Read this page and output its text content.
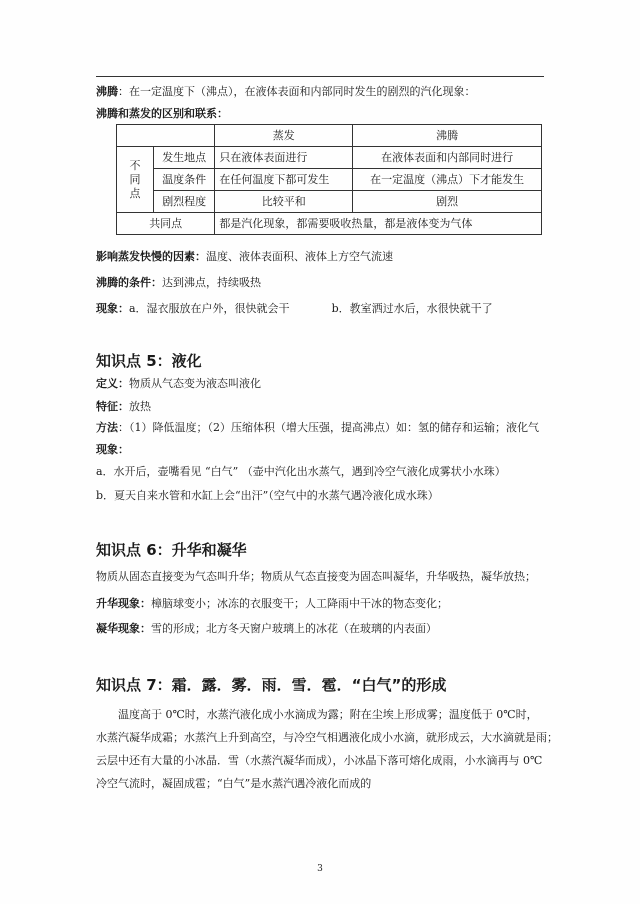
沸腾：在一定温度下（沸点），在液体表面和内部同时发生的剧烈的汽化现象：
沸腾和蒸发的区别和联系：
		蒸发	沸腾

不
同
点	发生地点	只在液体表面进行	在液体表面和内部同时进行
	温度条件	在任何温度下都可发生	在一定温度（沸点）下才能发生
	剧烈程度	比较平和	剧烈
共同点		都是汽化现象，都需要吸收热量，都是液体变为气体	
影响蒸发快慢的因素：温度、液体表面积、液体上方空气流速
沸腾的条件：达到沸点，持续吸热
现象：a．湿衣服放在户外，很快就会干	b．教室洒过水后，水很快就干了
知识点 5：液化
定义：物质从气态变为液态叫液化
特征：放热
方法：（1）降低温度；（2）压缩体积（增大压强，提高沸点）如：氢的储存和运输；液化气
现象：
a．水开后，壶嘴看见 “白气” （壶中汽化出水蒸气，遇到冷空气液化成雾状小水珠）
b．夏天自来水管和水缸上会“出汗”（空气中的水蒸气遇冷液化成水珠）
知识点 6：升华和凝华
物质从固态直接变为气态叫升华；物质从气态直接变为固态叫凝华，升华吸热，凝华放热；
升华现象：樟脑球变小；冰冻的衣服变干；人工降雨中干冰的物态变化；
凝华现象：雪的形成；北方冬天窗户玻璃上的冰花（在玻璃的内表面）
知识点 7：霜．露．雾．雨．雪．雹．“白气”的形成

　　温度高于 0℃时，水蒸汽液化成小水滴成为露；附在尘埃上形成雾；温度低于 0℃时，

水蒸汽凝华成霜；水蒸汽上升到高空，与冷空气相遇液化成小水滴，就形成云，大水滴就是雨；

云层中还有大量的小冰晶．雪（水蒸汽凝华而成），小冰晶下落可熔化成雨，小水滴再与 0℃

冷空气流时，凝固成雹；“白气”是水蒸汽遇冷液化而成的

3
